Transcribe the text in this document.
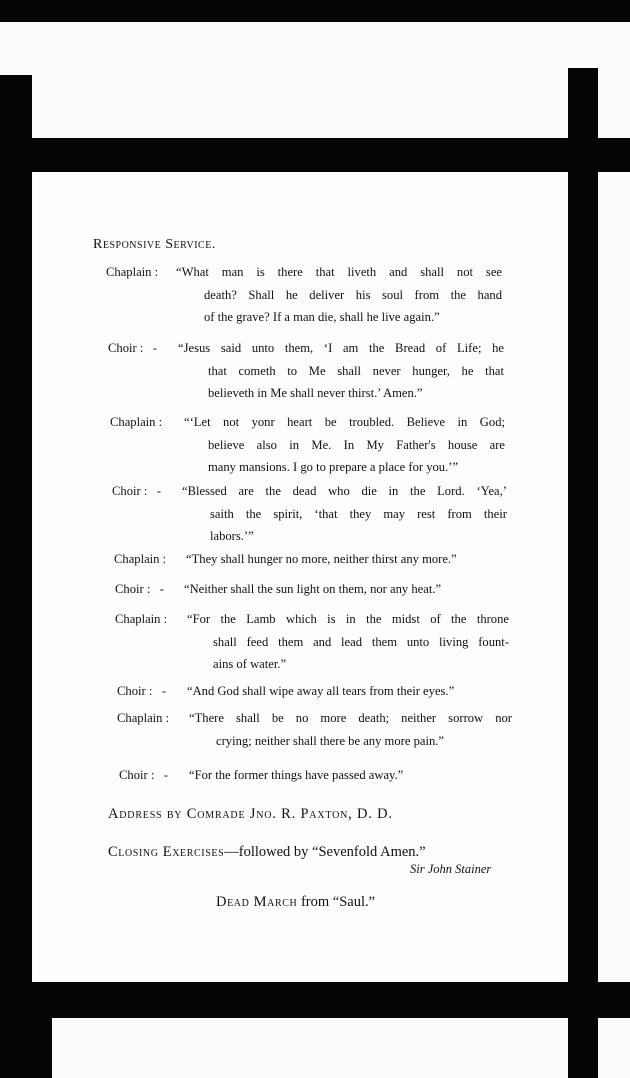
Responsive Service.
Chaplain : “What man is there that liveth and shall not see
death? Shall he deliver his soul from the hand
of the grave? If a man die, shall he live again.”
Choir :   - “Jesus said unto them, ‘I am the Bread of Life; he
that cometh to Me shall never hunger, he that
believeth in Me shall never thirst.’ Amen.”
Chaplain : “‘Let not yonr heart be troubled. Believe in God;
believe also in Me. In My Father's house are
many mansions. I go to prepare a place for you.’”
Choir :   - “Blessed are the dead who die in the Lord. ‘Yea,’
saith the spirit, ‘that they may rest from their
labors.’”
Chaplain : “They shall hunger no more, neither thirst any more.”
Choir :   - “Neither shall the sun light on them, nor any heat.”
Chaplain : “For the Lamb which is in the midst of the throne
shall feed them and lead them unto living fount-
ains of water.”
Choir :   - “And God shall wipe away all tears from their eyes.”
Chaplain : “There shall be no more death; neither sorrow nor
crying; neither shall there be any more pain.”
Choir :   - “For the former things have passed away.”
Address by Comrade Jno. R. Paxton, D. D.
Closing Exercises—followed by “Sevenfold Amen.”
Sir John Stainer
Dead March from “Saul.”
